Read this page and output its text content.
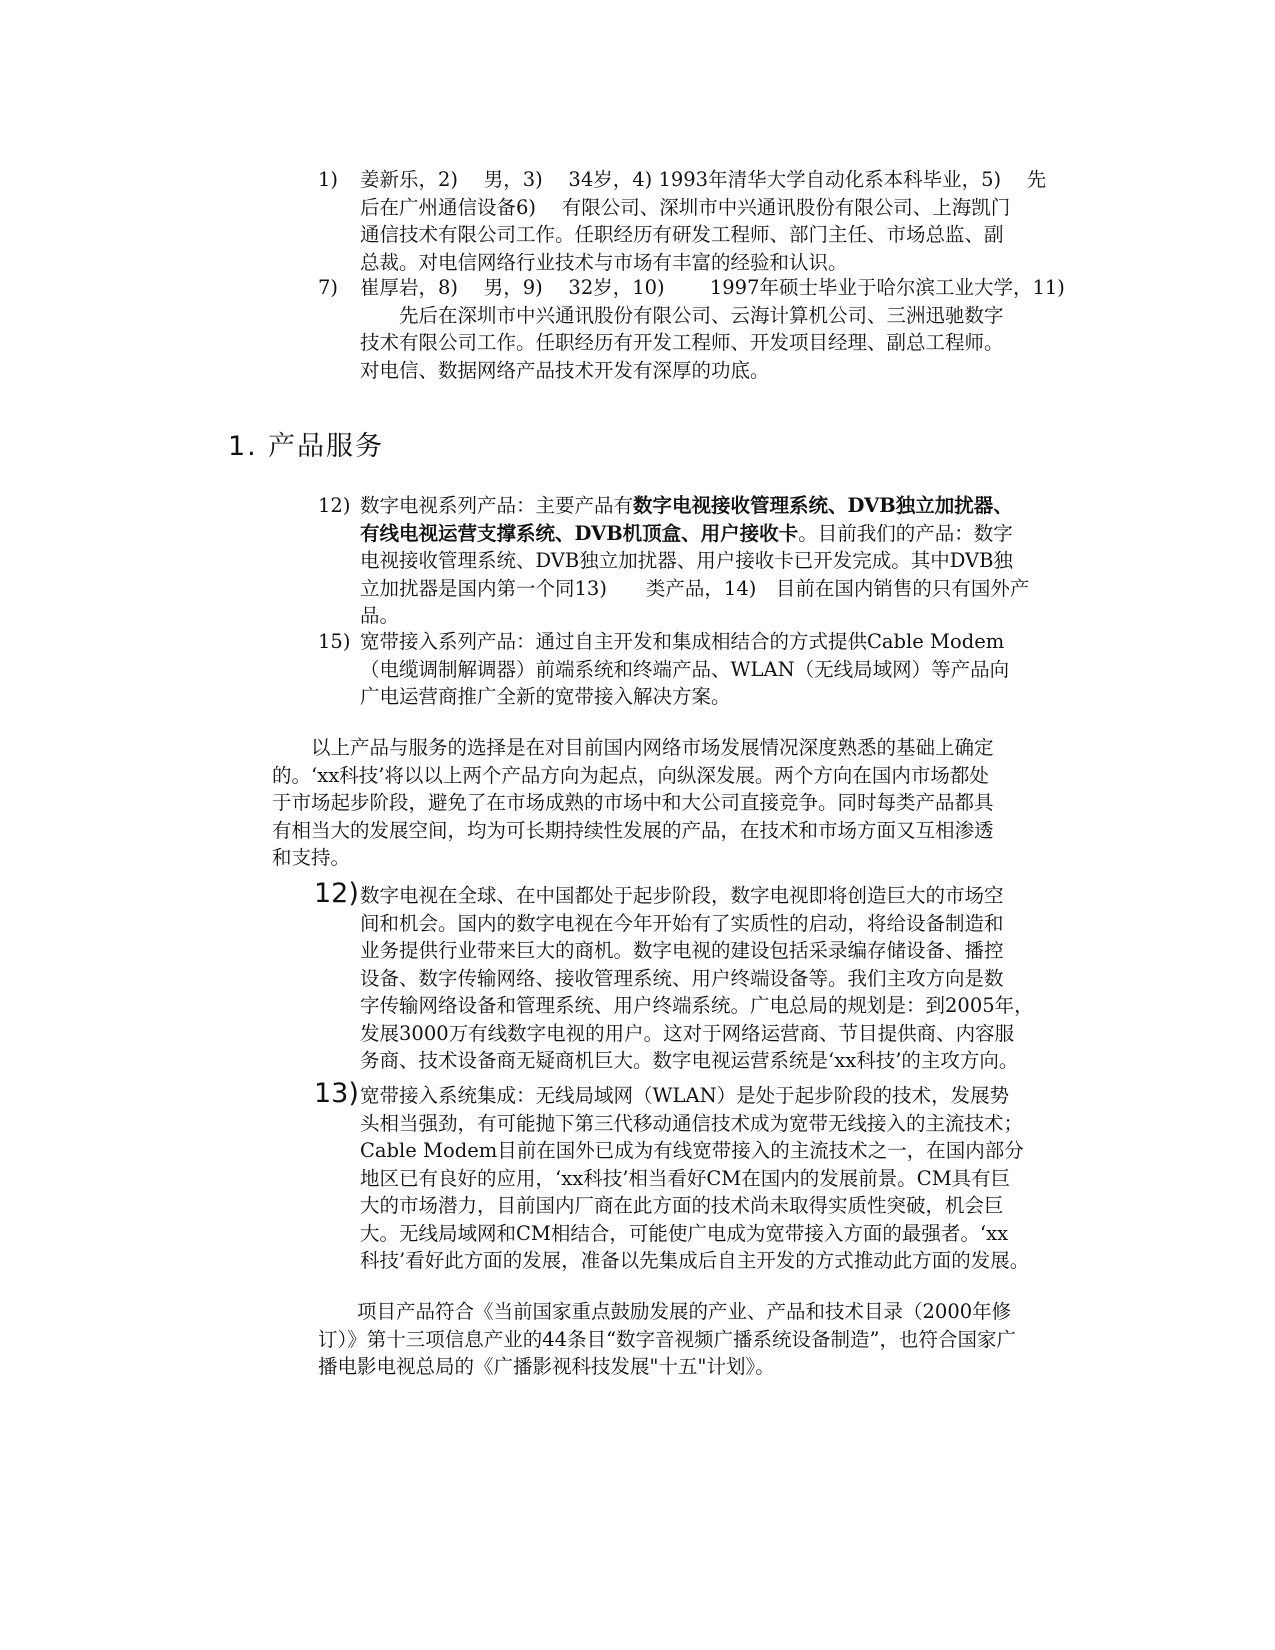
1)	姜新乐，2)　 男，3)　 34岁，4) 1993年清华大学自动化系本科毕业，5)　 先
后在广州通信设备6)　 有限公司、深圳市中兴通讯股份有限公司、上海凯门
通信技术有限公司工作。任职经历有研发工程师、部门主任、市场总监、副
总裁。对电信网络行业技术与市场有丰富的经验和认识。
7)	崔厚岩，8)　 男，9)　 32岁，10)　 　1997年硕士毕业于哈尔滨工业大学，11)
　　先后在深圳市中兴通讯股份有限公司、云海计算机公司、三洲迅驰数字
技术有限公司工作。任职经历有开发工程师、开发项目经理、副总工程师。
对电信、数据网络产品技术开发有深厚的功底。
1. 产品服务
12) 数字电视系列产品：主要产品有数字电视接收管理系统、DVB独立加扰器、
有线电视运营支撑系统、DVB机顶盒、用户接收卡。目前我们的产品：数字
电视接收管理系统、DVB独立加扰器、用户接收卡已开发完成。其中DVB独
立加扰器是国内第一个同13)　　类产品，14)　目前在国内销售的只有国外产
品。
15) 宽带接入系列产品：通过自主开发和集成相结合的方式提供Cable Modem
（电缆调制解调器）前端系统和终端产品、WLAN（无线局域网）等产品向
广电运营商推广全新的宽带接入解决方案。
　　以上产品与服务的选择是在对目前国内网络市场发展情况深度熟悉的基础上确定
的。‘xx科技’将以以上两个产品方向为起点，向纵深发展。两个方向在国内市场都处
于市场起步阶段，避免了在市场成熟的市场中和大公司直接竞争。同时每类产品都具
有相当大的发展空间，均为可长期持续性发展的产品，在技术和市场方面又互相渗透
和支持。
12) 数字电视在全球、在中国都处于起步阶段，数字电视即将创造巨大的市场空
间和机会。国内的数字电视在今年开始有了实质性的启动，将给设备制造和
业务提供行业带来巨大的商机。数字电视的建设包括采录编存储设备、播控
设备、数字传输网络、接收管理系统、用户终端设备等。我们主攻方向是数
字传输网络设备和管理系统、用户终端系统。广电总局的规划是：到2005年，
发展3000万有线数字电视的用户。这对于网络运营商、节目提供商、内容服
务商、技术设备商无疑商机巨大。数字电视运营系统是‘xx科技’的主攻方向。
13) 宽带接入系统集成：无线局域网（WLAN）是处于起步阶段的技术，发展势
头相当强劲，有可能抛下第三代移动通信技术成为宽带无线接入的主流技术；
Cable Modem目前在国外已成为有线宽带接入的主流技术之一，在国内部分
地区已有良好的应用，‘xx科技’相当看好CM在国内的发展前景。CM具有巨
大的市场潜力，目前国内厂商在此方面的技术尚未取得实质性突破，机会巨
大。无线局域网和CM相结合，可能使广电成为宽带接入方面的最强者。‘xx
科技’看好此方面的发展，准备以先集成后自主开发的方式推动此方面的发展。
　　项目产品符合《当前国家重点鼓励发展的产业、产品和技术目录（2000年修
订）》第十三项信息产业的44条目“数字音视频广播系统设备制造”，也符合国家广
播电影电视总局的《广播影视科技发展"十五"计划》。
